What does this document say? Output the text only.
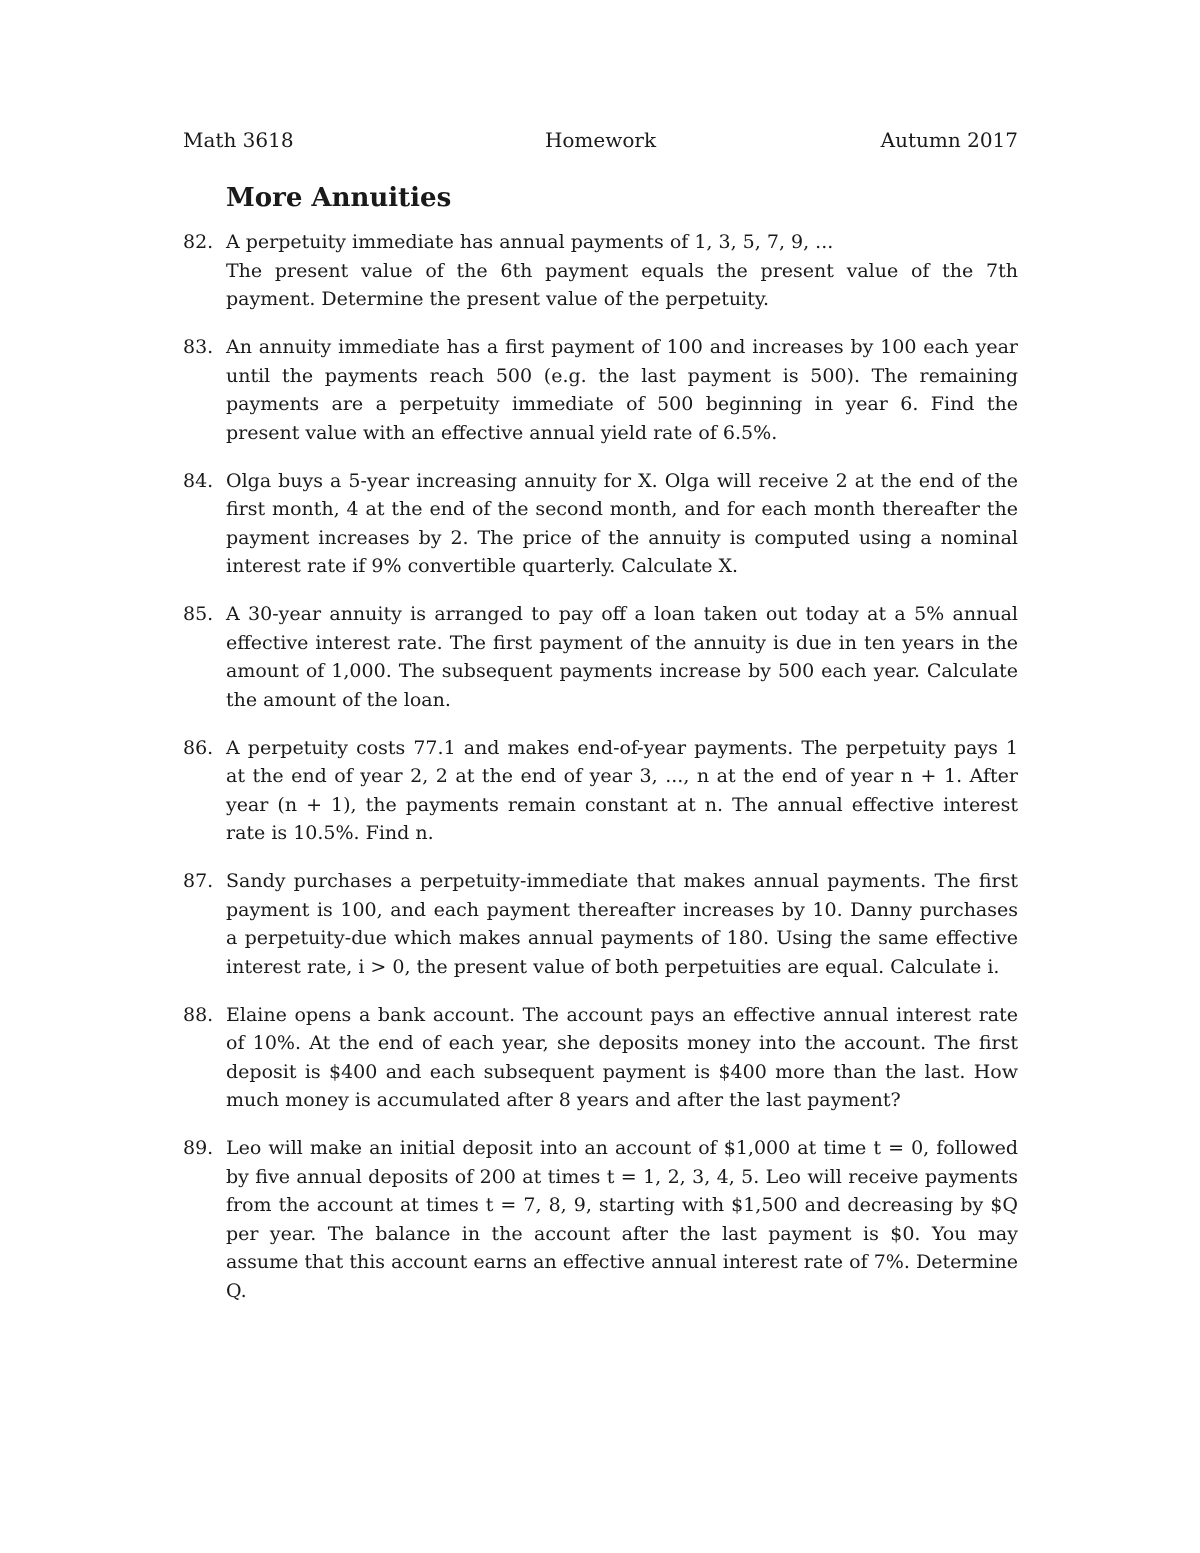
Math 3618	Homework	Autumn 2017
More Annuities
82. A perpetuity immediate has annual payments of 1, 3, 5, 7, 9, ...
The present value of the 6th payment equals the present value of the 7th payment. Determine the present value of the perpetuity.
83. An annuity immediate has a first payment of 100 and increases by 100 each year until the payments reach 500 (e.g. the last payment is 500). The remaining payments are a perpetuity immediate of 500 beginning in year 6. Find the present value with an effective annual yield rate of 6.5%.
84. Olga buys a 5-year increasing annuity for X. Olga will receive 2 at the end of the first month, 4 at the end of the second month, and for each month thereafter the payment increases by 2. The price of the annuity is computed using a nominal interest rate if 9% convertible quarterly. Calculate X.
85. A 30-year annuity is arranged to pay off a loan taken out today at a 5% annual effective interest rate. The first payment of the annuity is due in ten years in the amount of 1,000. The subsequent payments increase by 500 each year. Calculate the amount of the loan.
86. A perpetuity costs 77.1 and makes end-of-year payments. The perpetuity pays 1 at the end of year 2, 2 at the end of year 3, ..., n at the end of year n + 1. After year (n + 1), the payments remain constant at n. The annual effective interest rate is 10.5%. Find n.
87. Sandy purchases a perpetuity-immediate that makes annual payments. The first payment is 100, and each payment thereafter increases by 10. Danny purchases a perpetuity-due which makes annual payments of 180. Using the same effective interest rate, i > 0, the present value of both perpetuities are equal. Calculate i.
88. Elaine opens a bank account. The account pays an effective annual interest rate of 10%. At the end of each year, she deposits money into the account. The first deposit is $400 and each subsequent payment is $400 more than the last. How much money is accumulated after 8 years and after the last payment?
89. Leo will make an initial deposit into an account of $1,000 at time t = 0, followed by five annual deposits of 200 at times t = 1, 2, 3, 4, 5. Leo will receive payments from the account at times t = 7, 8, 9, starting with $1,500 and decreasing by $Q per year. The balance in the account after the last payment is $0. You may assume that this account earns an effective annual interest rate of 7%. Determine Q.
